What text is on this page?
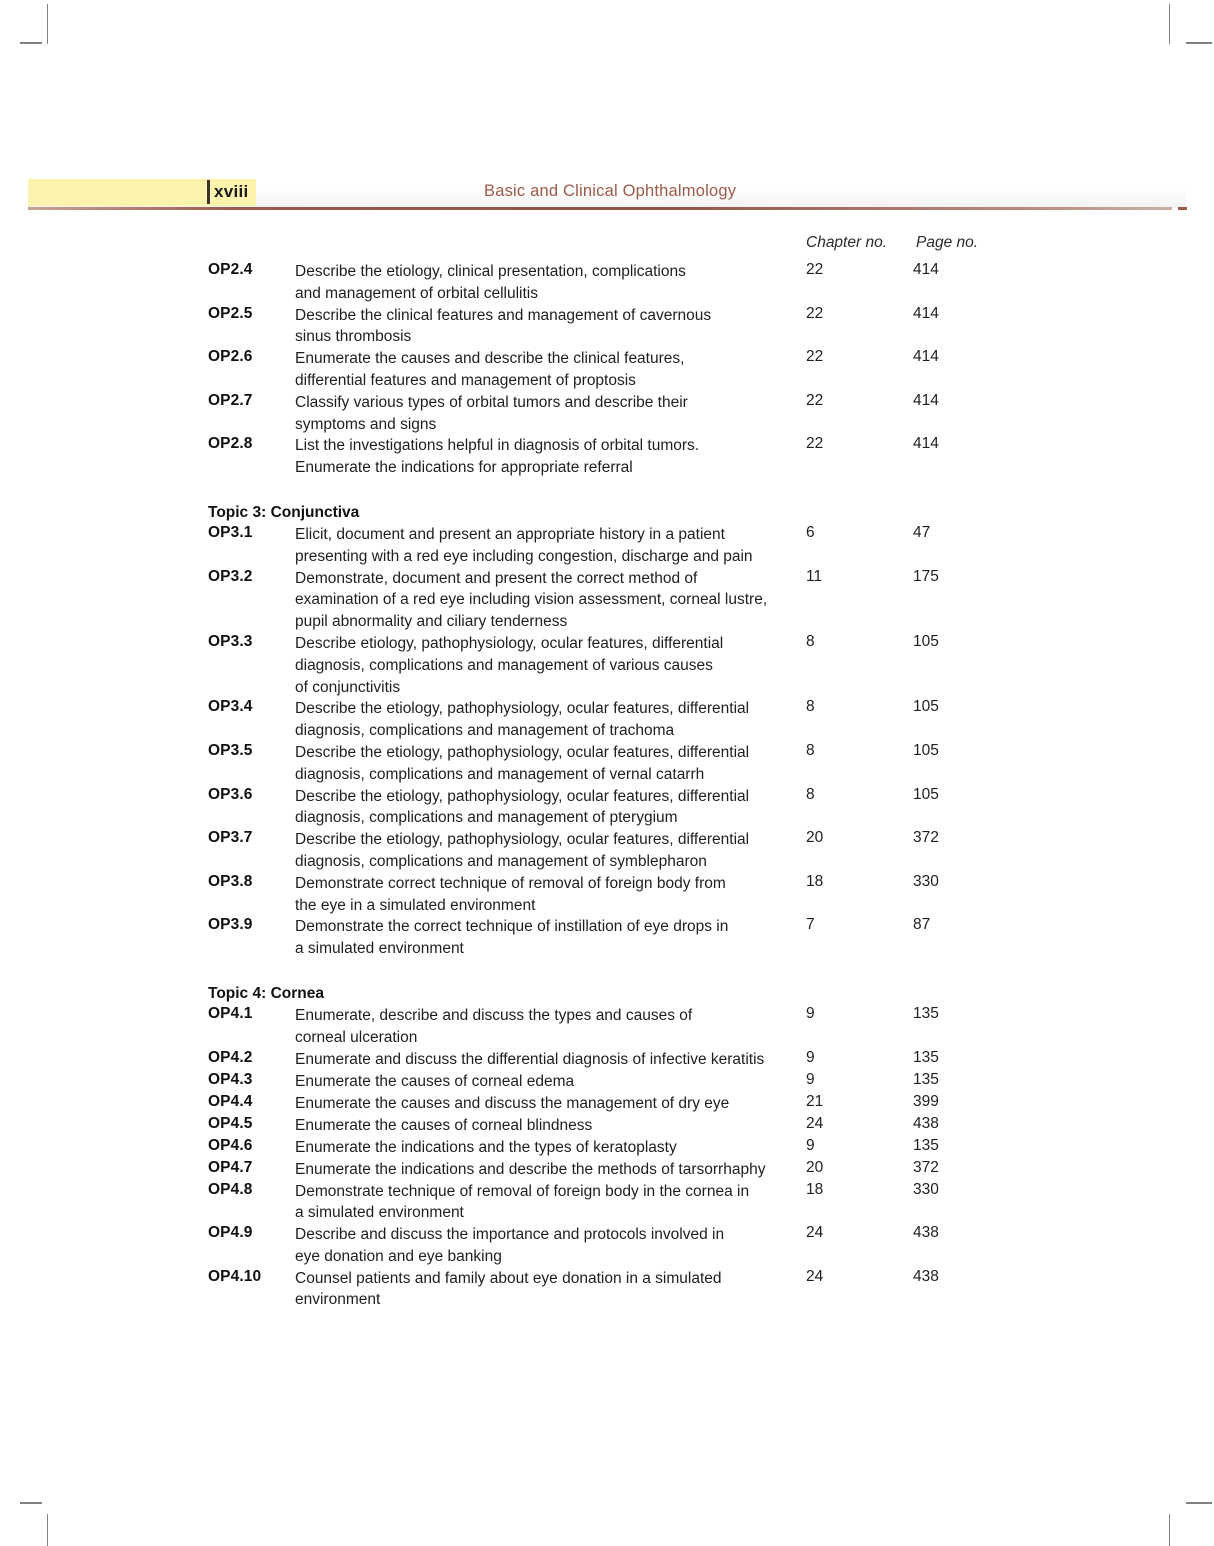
xviii	Basic and Clinical Ophthalmology
Chapter no. Page no.
OP2.4	Describe the etiology, clinical presentation, complications
and management of orbital cellulitis
22	414
OP2.5	Describe the clinical features and management of cavernous
sinus thrombosis
22	414
OP2.6	Enumerate the causes and describe the clinical features,
differential features and management of proptosis
22	414
OP2.7	Classify various types of orbital tumors and describe their
symptoms and signs
22	414
OP2.8	List the investigations helpful in diagnosis of orbital tumors.
Enumerate the indications for appropriate referral
22	414
Topic 3: Conjunctiva
OP3.1	Elicit, document and present an appropriate history in a patient
presenting with a red eye including congestion, discharge and pain
6	47
OP3.2	Demonstrate, document and present the correct method of
examination of a red eye including vision assessment, corneal lustre,
pupil abnormality and ciliary tenderness
11	175
OP3.3	Describe etiology, pathophysiology, ocular features, differential
diagnosis, complications and management of various causes
of conjunctivitis
8	105
OP3.4	Describe the etiology, pathophysiology, ocular features, differential
diagnosis, complications and management of trachoma
8	105
OP3.5	Describe the etiology, pathophysiology, ocular features, differential
diagnosis, complications and management of vernal catarrh
8	105
OP3.6	Describe the etiology, pathophysiology, ocular features, differential
diagnosis, complications and management of pterygium
8	105
OP3.7	Describe the etiology, pathophysiology, ocular features, differential
diagnosis, complications and management of symblepharon
20	372
OP3.8	Demonstrate correct technique of removal of foreign body from
the eye in a simulated environment
18	330
OP3.9	Demonstrate the correct technique of instillation of eye drops in
a simulated environment
7	87
Topic 4: Cornea
OP4.1	Enumerate, describe and discuss the types and causes of
corneal ulceration
9	135
OP4.2	Enumerate and discuss the differential diagnosis of infective keratitis	9	135
OP4.3	Enumerate the causes of corneal edema	9	135
OP4.4	Enumerate the causes and discuss the management of dry eye	21	399
OP4.5	Enumerate the causes of corneal blindness	24	438
OP4.6	Enumerate the indications and the types of keratoplasty	9	135
OP4.7	Enumerate the indications and describe the methods of tarsorrhaphy	20	372
OP4.8	Demonstrate technique of removal of foreign body in the cornea in
a simulated environment
18	330
OP4.9	Describe and discuss the importance and protocols involved in
eye donation and eye banking
24	438
OP4.10	Counsel patients and family about eye donation in a simulated
environment
24	438
